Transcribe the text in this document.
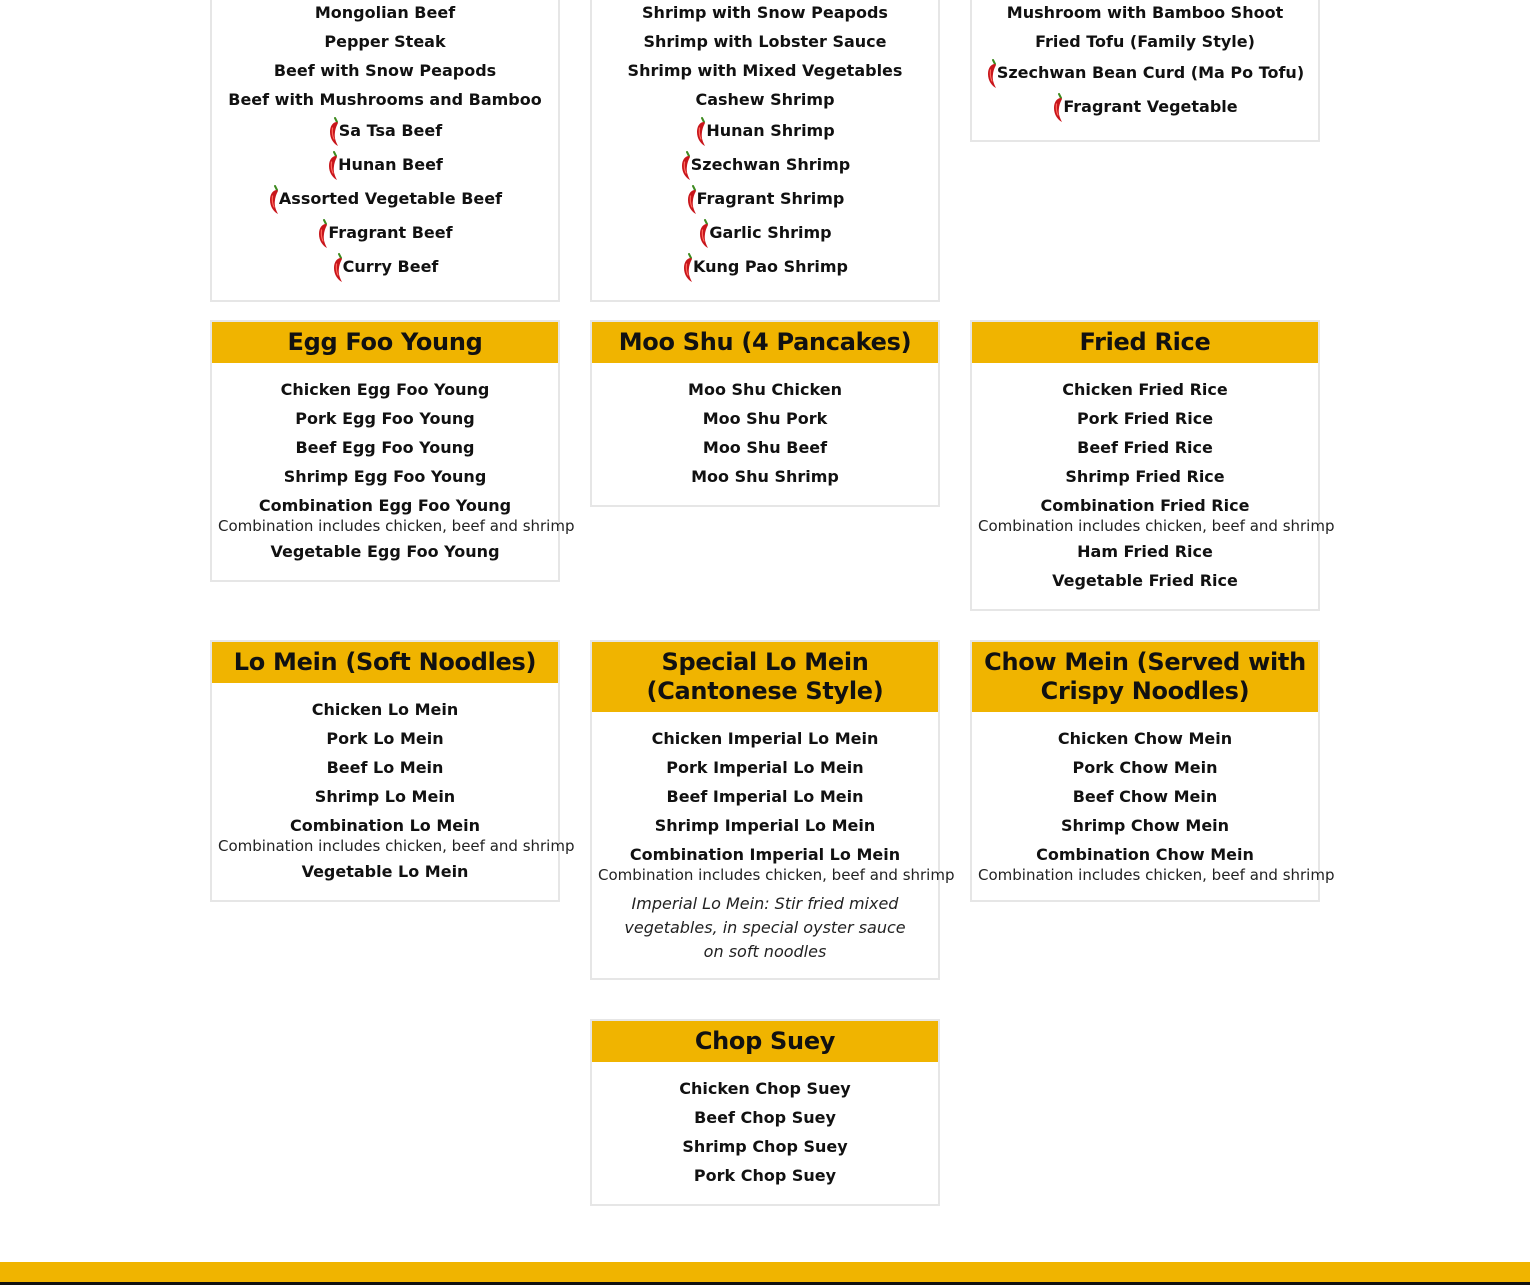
Mongolian Beef
Pepper Steak
Beef with Snow Peapods
Beef with Mushrooms and Bamboo
Sa Tsa Beef
Hunan Beef
Assorted Vegetable Beef
Fragrant Beef
Curry Beef
Shrimp with Snow Peapods
Shrimp with Lobster Sauce
Shrimp with Mixed Vegetables
Cashew Shrimp
Hunan Shrimp
Szechwan Shrimp
Fragrant Shrimp
Garlic Shrimp
Kung Pao Shrimp
Mushroom with Bamboo Shoot
Fried Tofu (Family Style)
Szechwan Bean Curd (Ma Po Tofu)
Fragrant Vegetable
Egg Foo Young
Chicken Egg Foo Young
Pork Egg Foo Young
Beef Egg Foo Young
Shrimp Egg Foo Young
Combination Egg Foo Young
Combination includes chicken, beef and shrimp
Vegetable Egg Foo Young
Moo Shu (4 Pancakes)
Moo Shu Chicken
Moo Shu Pork
Moo Shu Beef
Moo Shu Shrimp
Fried Rice
Chicken Fried Rice
Pork Fried Rice
Beef Fried Rice
Shrimp Fried Rice
Combination Fried Rice
Combination includes chicken, beef and shrimp
Ham Fried Rice
Vegetable Fried Rice
Lo Mein (Soft Noodles)
Chicken Lo Mein
Pork Lo Mein
Beef Lo Mein
Shrimp Lo Mein
Combination Lo Mein
Combination includes chicken, beef and shrimp
Vegetable Lo Mein
Special Lo Mein (Cantonese Style)
Chicken Imperial Lo Mein
Pork Imperial Lo Mein
Beef Imperial Lo Mein
Shrimp Imperial Lo Mein
Combination Imperial Lo Mein
Combination includes chicken, beef and shrimp
Imperial Lo Mein: Stir fried mixed vegetables, in special oyster sauce on soft noodles
Chow Mein (Served with Crispy Noodles)
Chicken Chow Mein
Pork Chow Mein
Beef Chow Mein
Shrimp Chow Mein
Combination Chow Mein
Combination includes chicken, beef and shrimp
Chop Suey
Chicken Chop Suey
Beef Chop Suey
Shrimp Chop Suey
Pork Chop Suey
